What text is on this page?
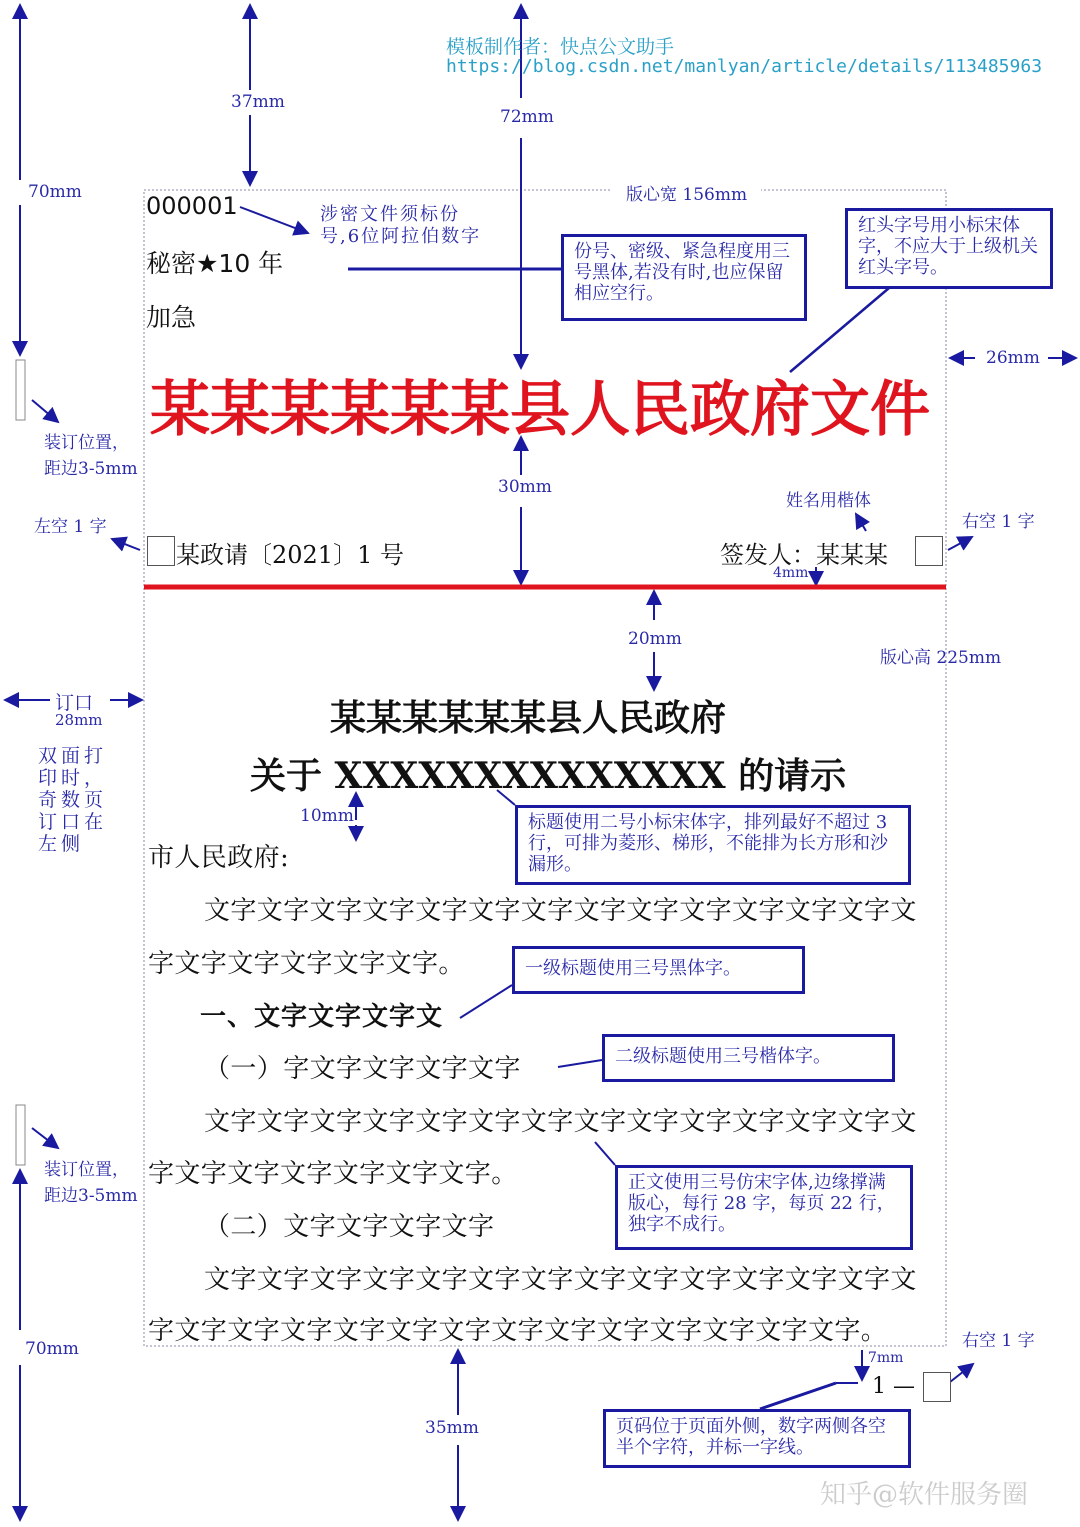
模板制作者：快点公文助手
https://blog.csdn.net/manlyan/article/details/113485963
70mm
37mm
72mm
版心宽 156mm
26mm
30mm
4mm
20mm
版心高 225mm
订口
28mm
10mm
70mm
35mm
7mm
000001
秘密★10 年
加急
涉密文件须标份号,6位阿拉伯数字
份号、密级、紧急程度用三号黑体,若没有时,也应保留相应空行。
红头字号用小标宋体字，不应大于上级机关红头字号。
某某某某某某县人民政府文件
装订位置，距边3-5mm
左空 1 字	右空 1 字
姓名用楷体
某政请〔2021〕1 号	签发人：某某某
某某某某某某县人民政府
关于 XXXXXXXXXXXXXX 的请示
双面打印时，奇数页订口在左侧
标题使用二号小标宋体字，排列最好不超过 3 行，可排为菱形、梯形，不能排为长方形和沙漏形。
市人民政府:
文字文字文字文字文字文字文字文字文字文字文字文字文字文
字文字文字文字文字文字。	一级标题使用三号黑体字。
一、文字文字文字文
（一）字文字文字文字文字	二级标题使用三号楷体字。
文字文字文字文字文字文字文字文字文字文字文字文字文字文
装订位置，距边3-5mm
字文字文字文字文字文字文字。	正文使用三号仿宋字体,边缘撑满版心，每行 28 字，每页 22 行，独字不成行。
（二）文字文字文字文字
文字文字文字文字文字文字文字文字文字文字文字文字文字文
字文字文字文字文字文字文字文字文字文字文字文字文字文字。	右空 1 字
1 —
页码位于页面外侧，数字两侧各空半个字符，并标一字线。
知乎@软件服务圈
